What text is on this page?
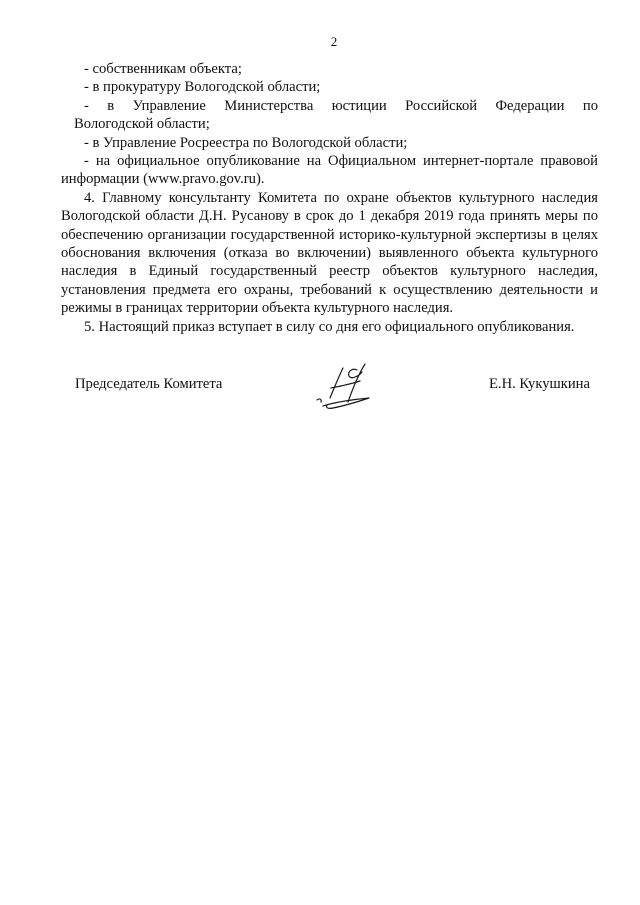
2

- собственникам объекта;

- в прокуратуру Вологодской области;

- в Управление Министерства юстиции Российской Федерации по

Вологодской области;

- в Управление Росреестра по Вологодской области;

- на официальное опубликование на Официальном интернет-портале правовой информации (www.pravo.gov.ru).

4. Главному консультанту Комитета по охране объектов культурного наследия Вологодской области Д.Н. Русанову в срок до 1 декабря 2019 года принять меры по обеспечению организации государственной историко-культурной экспертизы в целях обоснования включения (отказа во включении) выявленного объекта культурного наследия в Единый государственный реестр объектов культурного наследия, установления предмета его охраны, требований к осуществлению деятельности и режимы в границах территории объекта культурного наследия.

5. Настоящий приказ вступает в силу со дня его официального опубликования.

Председатель Комитета	Е.Н. Кукушкина
